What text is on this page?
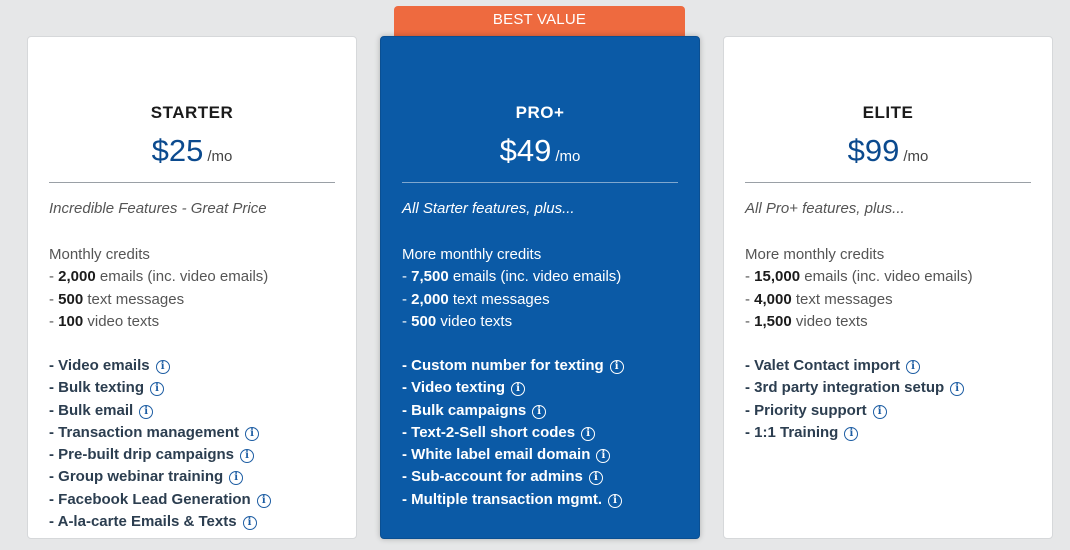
BEST VALUE
STARTER
$25 /mo
Incredible Features - Great Price
Monthly credits
- 2,000 emails (inc. video emails)
- 500 text messages
- 100 video texts
- Video emails i
- Bulk texting i
- Bulk email i
- Transaction management i
- Pre-built drip campaigns i
- Group webinar training i
- Facebook Lead Generation i
- A-la-carte Emails & Texts i
PRO+
$49 /mo
All Starter features, plus...
More monthly credits
- 7,500 emails (inc. video emails)
- 2,000 text messages
- 500 video texts
- Custom number for texting i
- Video texting i
- Bulk campaigns i
- Text-2-Sell short codes i
- White label email domain i
- Sub-account for admins i
- Multiple transaction mgmt. i
ELITE
$99 /mo
All Pro+ features, plus...
More monthly credits
- 15,000 emails (inc. video emails)
- 4,000 text messages
- 1,500 video texts
- Valet Contact import i
- 3rd party integration setup i
- Priority support i
- 1:1 Training i
